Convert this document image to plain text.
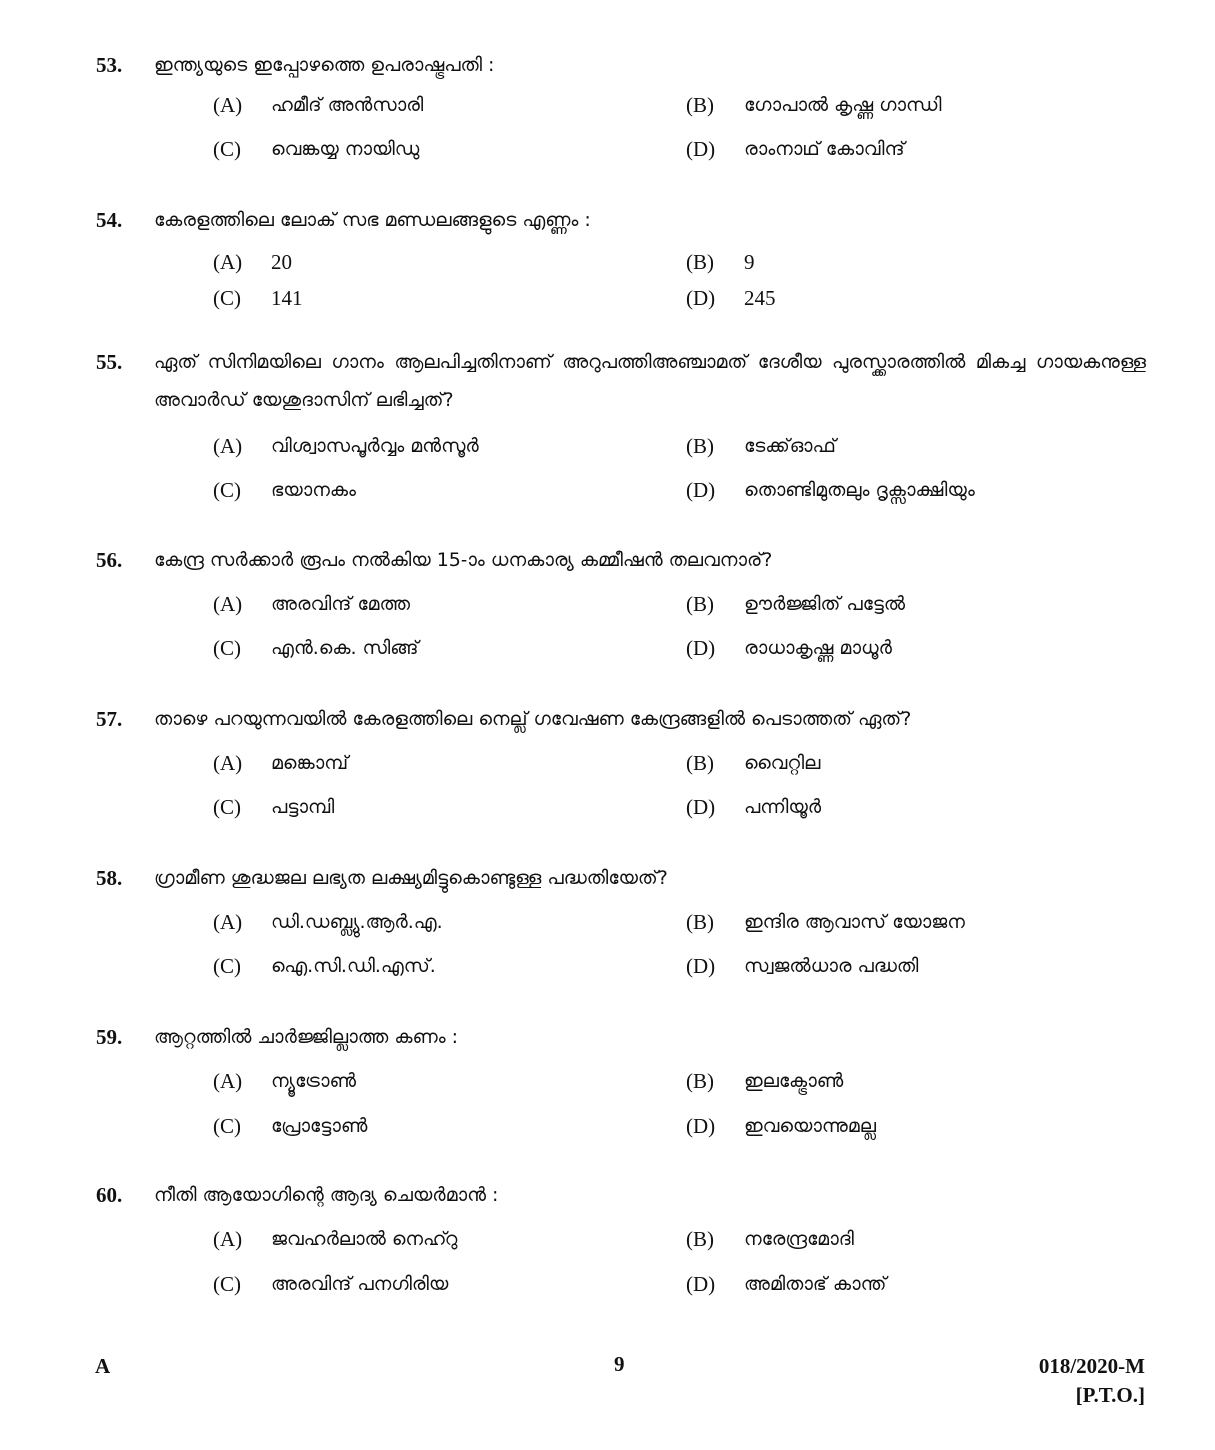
53. ഇന്ത്യയുടെ ഇപ്പോഴത്തെ ഉപരാഷ്ട്രപതി :
(A) ഹമീദ് അൻസാരി	(B) ഗോപാൽ കൃഷ്ണ ഗാന്ധി
(C) വെങ്കയ്യ നായിഡു	(D) രാംനാഥ് കോവിന്ദ്
54. കേരളത്തിലെ ലോക് സഭ മണ്ഡലങ്ങളുടെ എണ്ണം :
(A) 20	(B) 9
(C) 141	(D) 245
55. ഏത് സിനിമയിലെ ഗാനം ആലപിച്ചതിനാണ് അറുപത്തിഅഞ്ചാമത് ദേശീയ പുരസ്ക്കാരത്തിൽ മികച്ച ഗായകനുള്ള അവാർഡ് യേശുദാസിന് ലഭിച്ചത്?
(A) വിശ്വാസപൂർവ്വം മൻസൂർ	(B) ടേക്ക്ഓഫ്
(C) ഭയാനകം	(D) തൊണ്ടിമുതലും ദൃക്സാക്ഷിയും
56. കേന്ദ്ര സർക്കാർ രൂപം നൽകിയ 15-ാം ധനകാര്യ കമ്മീഷൻ തലവനാര്?
(A) അരവിന്ദ് മേത്ത	(B) ഊർജ്ജിത് പട്ടേൽ
(C) എൻ.കെ. സിങ്ങ്	(D) രാധാകൃഷ്ണ മാധൂർ
57. താഴെ പറയുന്നവയിൽ കേരളത്തിലെ നെല്ല് ഗവേഷണ കേന്ദ്രങ്ങളിൽ പെടാത്തത് ഏത്?
(A) മങ്കൊമ്പ്	(B) വൈറ്റില
(C) പട്ടാമ്പി	(D) പന്നിയൂർ
58. ഗ്രാമീണ ശുദ്ധജല ലഭ്യത ലക്ഷ്യമിട്ടുകൊണ്ടുള്ള പദ്ധതിയേത്?
(A) ഡി.ഡബ്ല്യു.ആർ.എ.	(B) ഇന്ദിര ആവാസ് യോജന
(C) ഐ.സി.ഡി.എസ്.	(D) സ്വജൽധാര പദ്ധതി
59. ആറ്റത്തിൽ ചാർജ്ജില്ലാത്ത കണം :
(A) ന്യൂട്രോൺ	(B) ഇലക്ട്രോൺ
(C) പ്രോട്ടോൺ	(D) ഇവയൊന്നുമല്ല
60. നീതി ആയോഗിന്റെ ആദ്യ ചെയർമാൻ :
(A) ജവഹർലാൽ നെഹ്റു	(B) നരേന്ദ്രമോദി
(C) അരവിന്ദ് പനഗിരിയ	(D) അമിതാഭ് കാന്ത്
A	9	018/2020-M
[P.T.O.]
